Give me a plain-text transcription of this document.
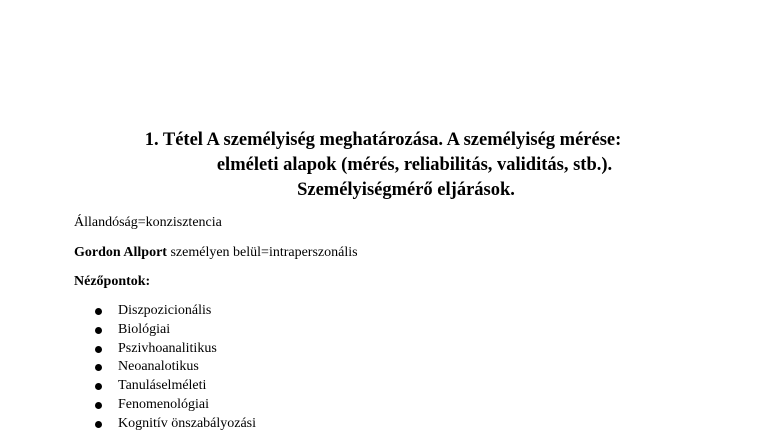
1. Tétel A személyiség meghatározása. A személyiség mérése:
elméleti alapok (mérés, reliabilitás, validitás, stb.).
Személyiségmérő eljárások.
Állandóság=konzisztencia
Gordon Allport személyen belül=intraperszonális
Nézőpontok:
Diszpozicionális
Biológiai
Pszivhoanalitikus
Neoanalotikus
Tanuláselméleti
Fenomenológiai
Kognitív önszabályozási
